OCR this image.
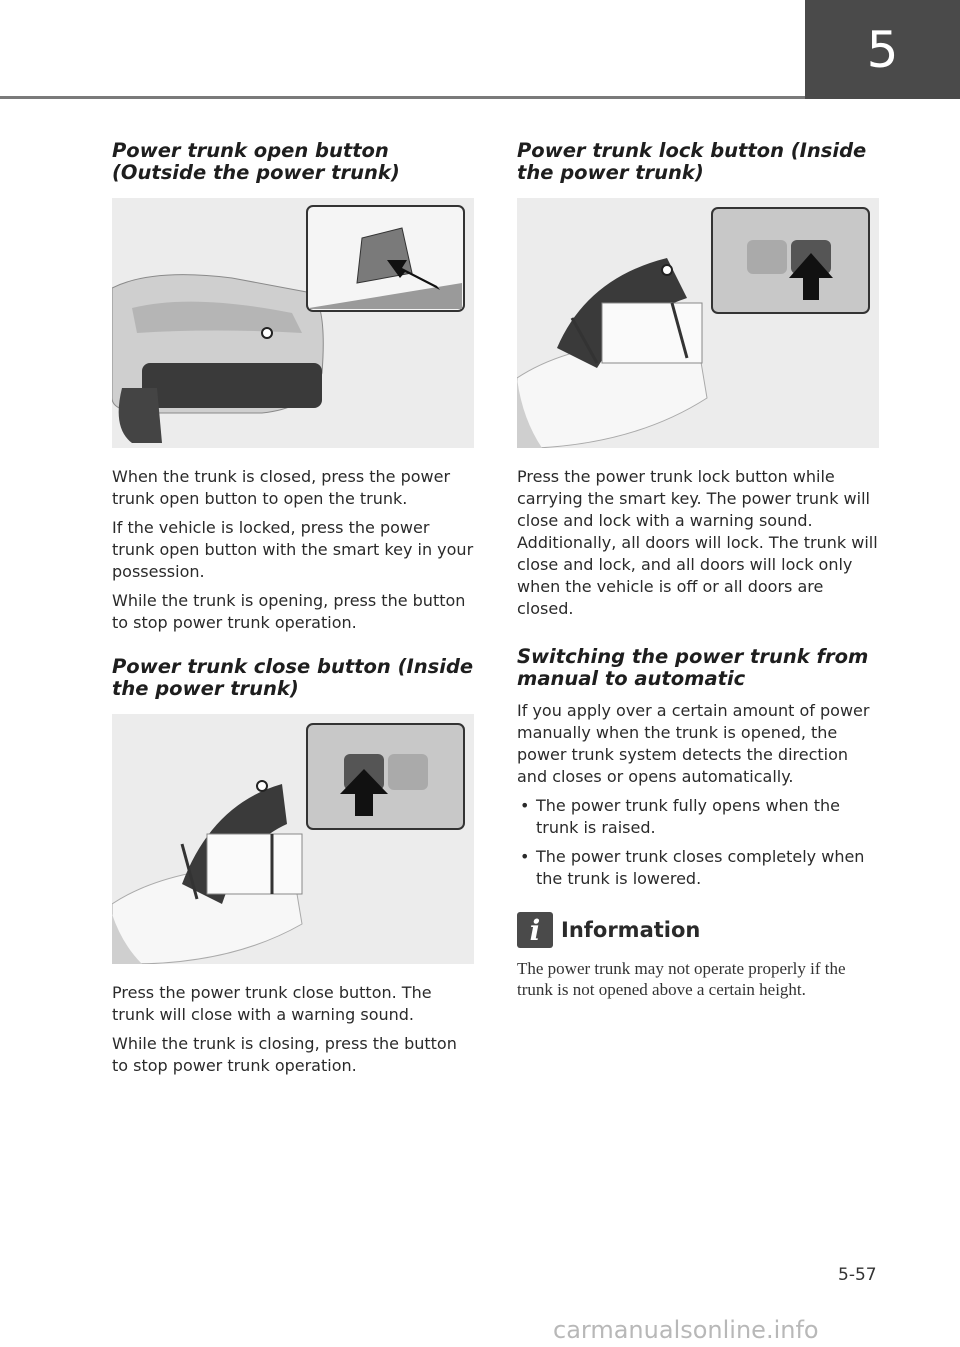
5
Power trunk open button (Outside the power trunk)

When the trunk is closed, press the power trunk open button to open the trunk.

If the vehicle is locked, press the power trunk open button with the smart key in your possession.

While the trunk is opening, press the button to stop power trunk operation.

Power trunk close button (Inside the power trunk)

Press the power trunk close button. The trunk will close with a warning sound.

While the trunk is closing, press the button to stop power trunk operation.

Power trunk lock button (Inside the power trunk)

Press the power trunk lock button while carrying the smart key. The power trunk will close and lock with a warning sound. Additionally, all doors will lock. The trunk will close and lock, and all doors will lock only when the vehicle is off or all doors are closed.

Switching the power trunk from manual to automatic

If you apply over a certain amount of power manually when the trunk is opened, the power trunk system detects the direction and closes or opens automatically.

• The power trunk fully opens when the trunk is raised.
• The power trunk closes completely when the trunk is lowered.
i Information
The power trunk may not operate properly if the trunk is not opened above a certain height.
5-57
carmanualsonline.info
